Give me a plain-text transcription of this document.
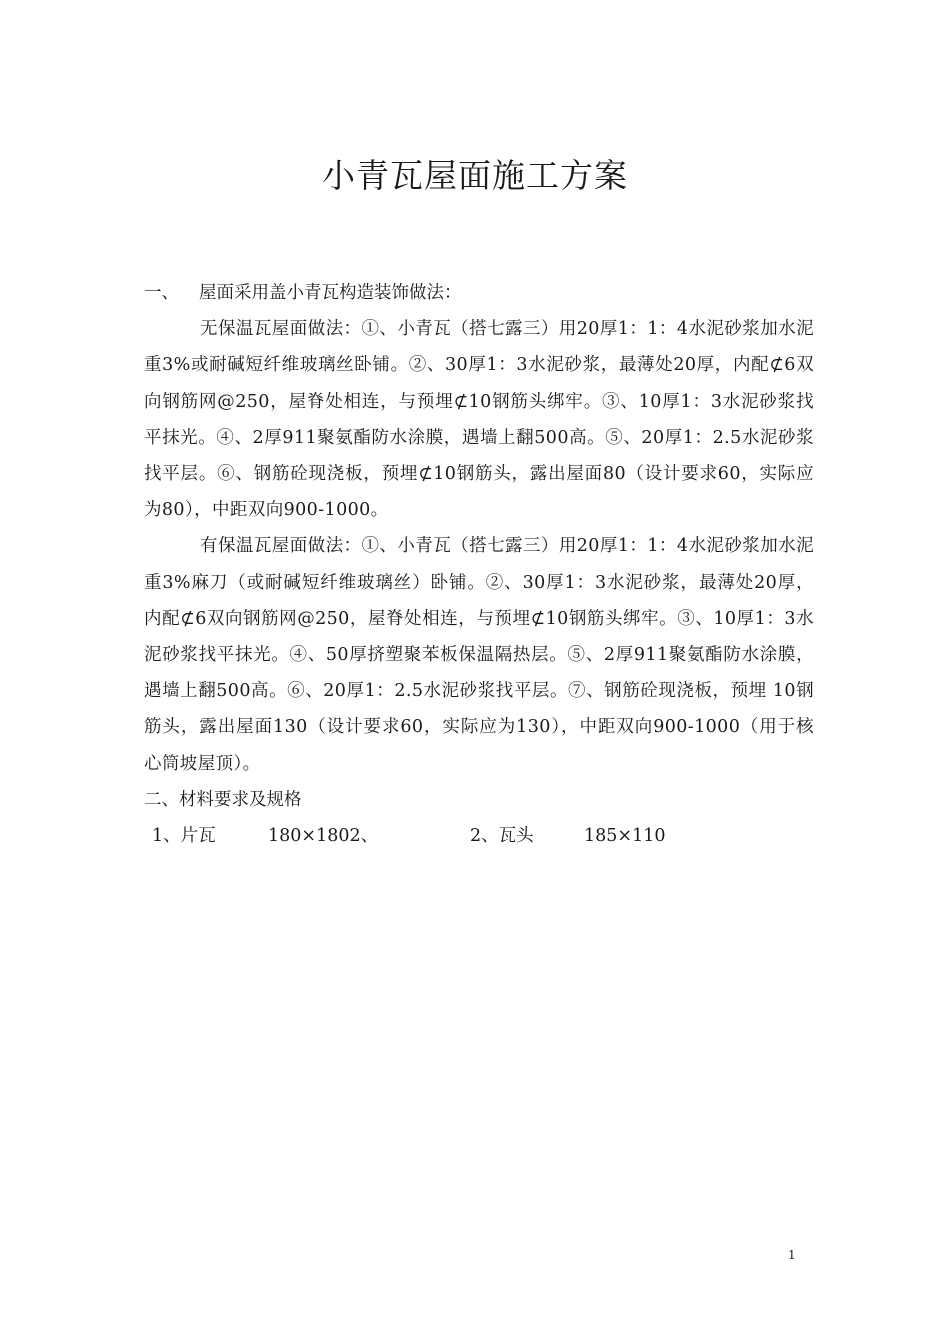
小青瓦屋面施工方案

一、 屋面采用盖小青瓦构造装饰做法：

无保温瓦屋面做法：①、小青瓦（搭七露三）用20厚1：1：4水泥砂浆加水泥重3%或耐碱短纤维玻璃丝卧铺。②、30厚1：3水泥砂浆，最薄处20厚，内配⊄6双向钢筋网@250，屋脊处相连，与预埋⊄10钢筋头绑牢。③、10厚1：3水泥砂浆找平抹光。④、2厚911聚氨酯防水涂膜，遇墙上翻500高。⑤、20厚1：2.5水泥砂浆找平层。⑥、钢筋砼现浇板，预埋⊄10钢筋头，露出屋面80（设计要求60，实际应为80），中距双向900-1000。

有保温瓦屋面做法：①、小青瓦（搭七露三）用20厚1：1：4水泥砂浆加水泥重3%麻刀（或耐碱短纤维玻璃丝）卧铺。②、30厚1：3水泥砂浆，最薄处20厚，内配⊄6双向钢筋网@250，屋脊处相连，与预埋⊄10钢筋头绑牢。③、10厚1：3水泥砂浆找平抹光。④、50厚挤塑聚苯板保温隔热层。⑤、2厚911聚氨酯防水涂膜，遇墙上翻500高。⑥、20厚1：2.5水泥砂浆找平层。⑦、钢筋砼现浇板，预埋 10钢筋头，露出屋面130（设计要求60，实际应为130），中距双向900-1000（用于核心筒坡屋顶）。

二、材料要求及规格

1、片瓦	180×1802、	2、瓦头	185×110
1
